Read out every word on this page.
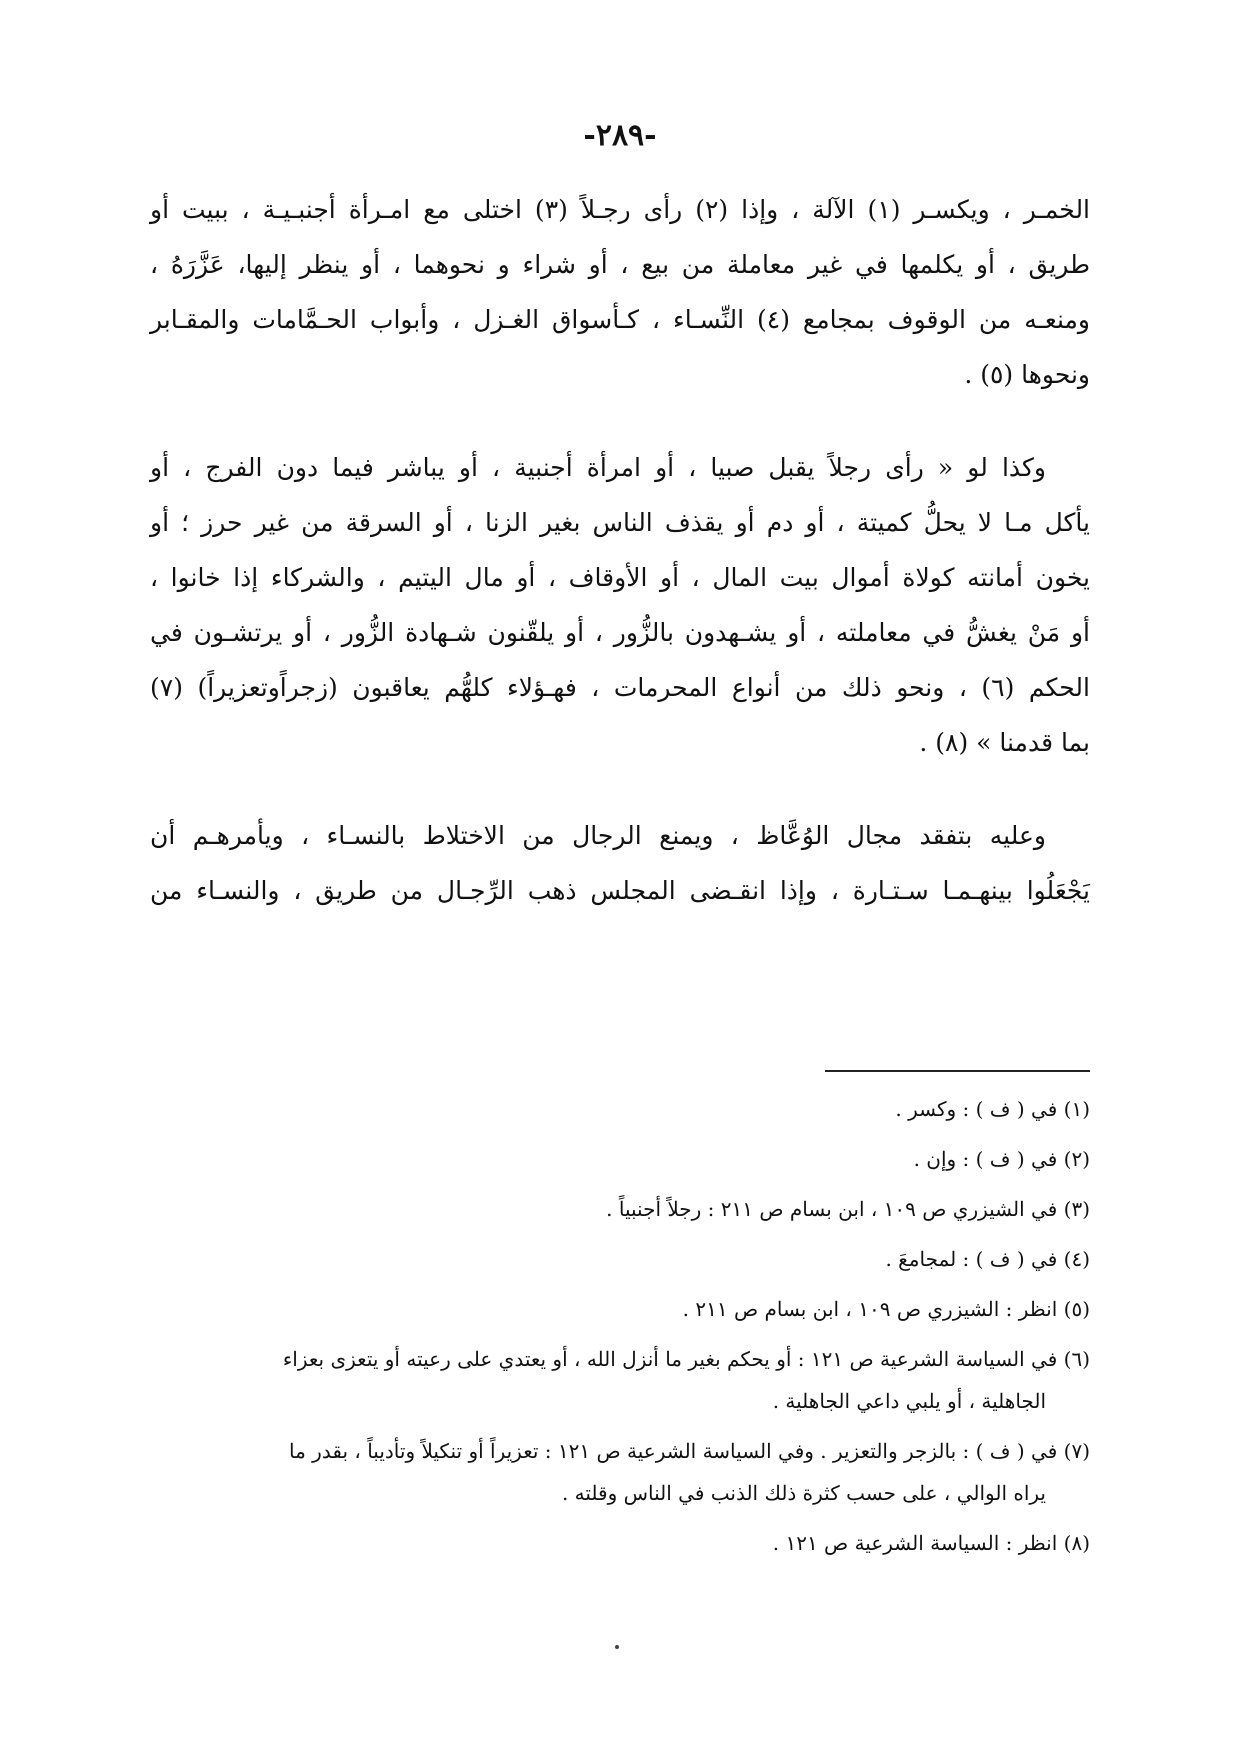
-٢٨٩-

الخمـر ، ويكسـر (١) الآلة ، وإذا (٢) رأى رجـلاً (٣) اختلى مع امـرأة أجنبـيـة ، ببيت أو
طريق ، أو يكلمها في غير معاملة من بيع ، أو شراء و نحوهما ، أو ينظر إليها، عَزَّرَهُ ،
ومنعـه من الوقوف بمجامع (٤) النِّسـاء ، كـأسواق الغـزل ، وأبواب الحـمَّامات والمقـابر
ونحوها (٥) .

وكذا لو « رأى رجلاً يقبل صبيا ، أو امرأة أجنبية ، أو يباشر فيما دون الفرج ، أو
يأكل مـا لا يحلُّ كميتة ، أو دم أو يقذف الناس بغير الزنا ، أو السرقة من غير حرز ؛ أو
يخون أمانته كولاة أموال بيت المال ، أو الأوقاف ، أو مال اليتيم ، والشركاء إذا خانوا ،
أو مَنْ يغشُّ في معاملته ، أو يشـهدون بالزُّور ، أو يلقّنون شـهادة الزُّور ، أو يرتشـون في
الحكم (٦) ، ونحو ذلك من أنواع المحرمات ، فهـؤلاء كلهُّم يعاقبون (زجراًوتعزيراً) (٧)
بما قدمنا » (٨) .

وعليه بتفقد مجال الوُعَّاظ ، ويمنع الرجال من الاختلاط بالنسـاء ، ويأمرهـم أن
يَجْعَلُوا بينهـمـا سـتـارة ، وإذا انقـضى المجلس ذهب الرِّجـال من طريق ، والنسـاء من

(١) في ( ف ) : وكسر .
(٢) في ( ف ) : وإن .
(٣) في الشيزري ص ١٠٩ ، ابن بسام ص ٢١١ : رجلاً أجنبياً .
(٤) في ( ف ) : لمجامعَ .
(٥) انظر : الشيزري ص ١٠٩ ، ابن بسام ص ٢١١ .
(٦) في السياسة الشرعية ص ١٢١ : أو يحكم بغير ما أنزل الله ، أو يعتدي على رعيته أو يتعزى بعزاء
الجاهلية ، أو يلبي داعي الجاهلية .
(٧) في ( ف ) : بالزجر والتعزير . وفي السياسة الشرعية ص ١٢١ : تعزيراً أو تنكيلاً وتأديباً ، بقدر ما
يراه الوالي ، على حسب كثرة ذلك الذنب في الناس وقلته .
(٨) انظر : السياسة الشرعية ص ١٢١ .
